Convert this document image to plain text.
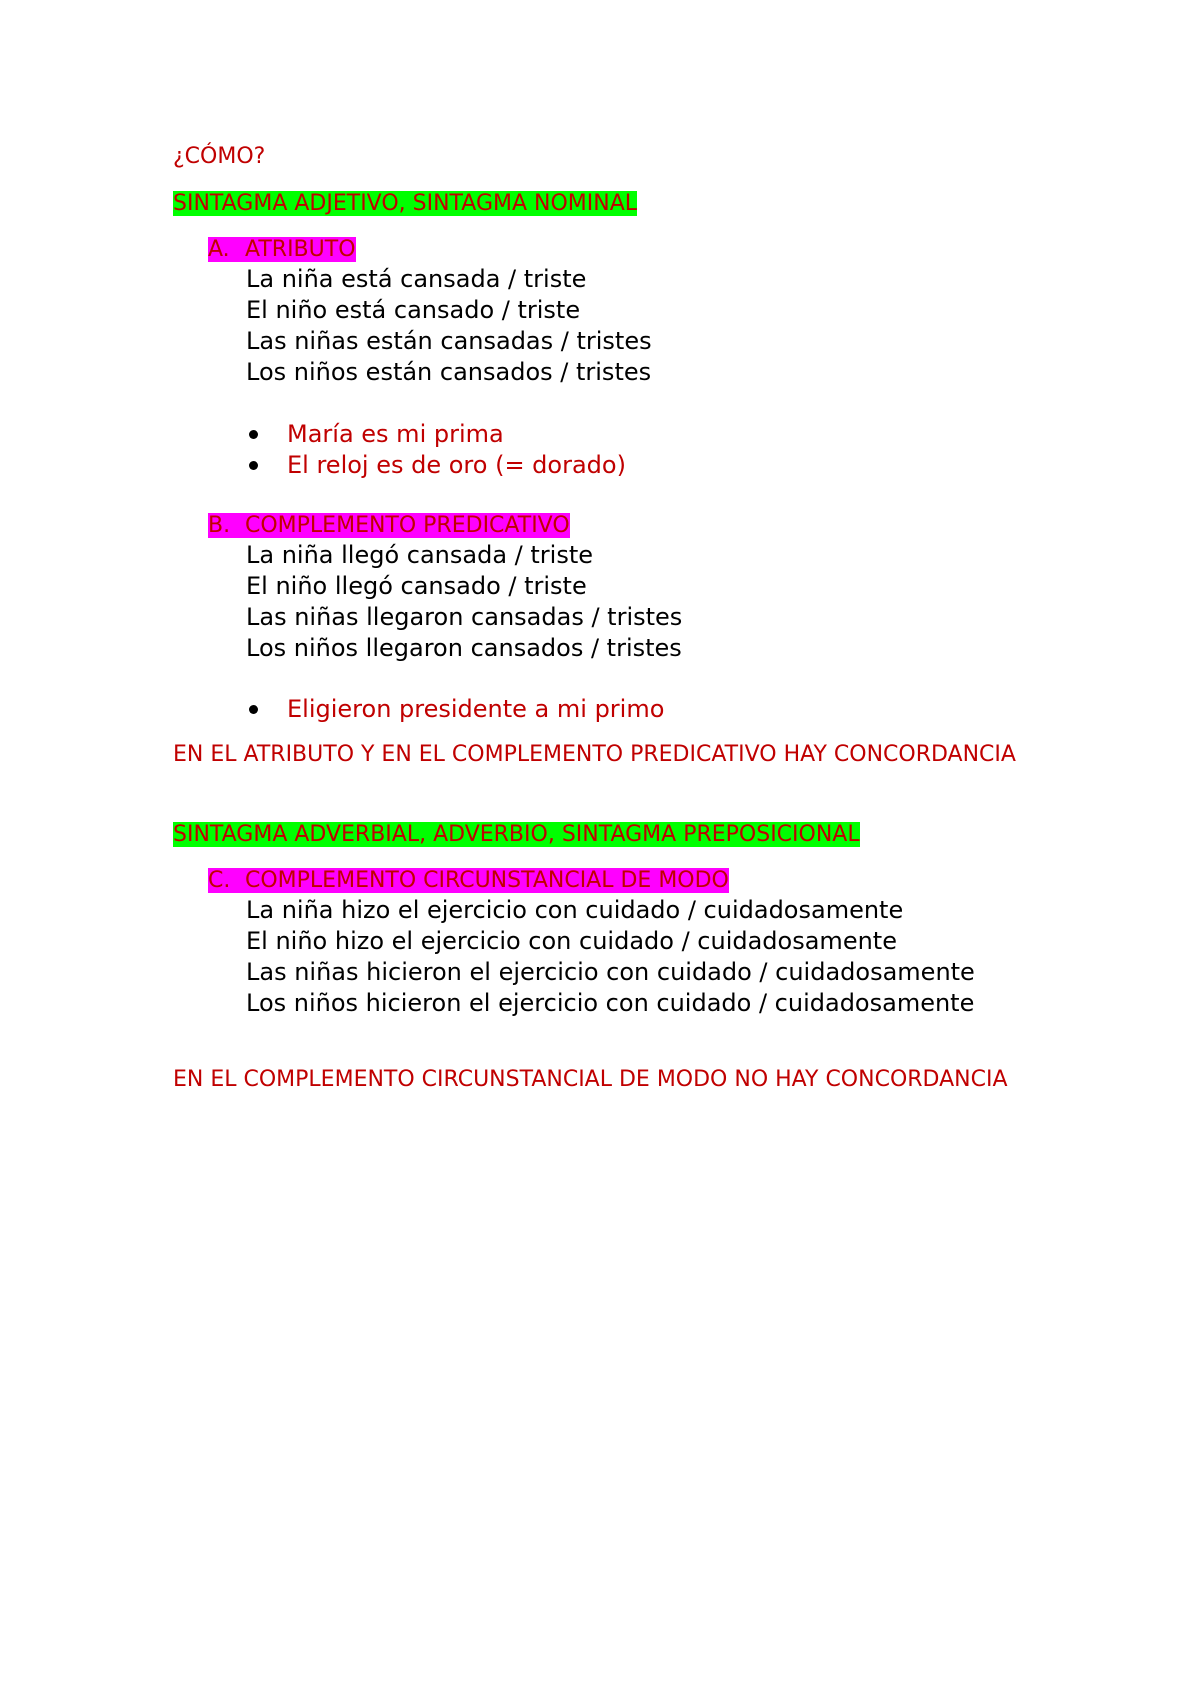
¿CÓMO?
SINTAGMA ADJETIVO, SINTAGMA NOMINAL
A. ATRIBUTO
La niña está cansada / triste
El niño está cansado / triste
Las niñas están cansadas / tristes
Los niños están cansados / tristes
María es mi prima
El reloj es de oro (= dorado)
B. COMPLEMENTO PREDICATIVO
La niña llegó cansada / triste
El niño llegó cansado / triste
Las niñas llegaron cansadas / tristes
Los niños llegaron cansados / tristes
Eligieron presidente a mi primo
EN EL ATRIBUTO Y EN EL COMPLEMENTO PREDICATIVO HAY CONCORDANCIA
SINTAGMA ADVERBIAL, ADVERBIO, SINTAGMA PREPOSICIONAL
C. COMPLEMENTO CIRCUNSTANCIAL DE MODO
La niña hizo el ejercicio con cuidado / cuidadosamente
El niño hizo el ejercicio con cuidado / cuidadosamente
Las niñas hicieron el ejercicio con cuidado / cuidadosamente
Los niños hicieron el ejercicio con cuidado / cuidadosamente
EN EL COMPLEMENTO CIRCUNSTANCIAL DE MODO NO HAY CONCORDANCIA
